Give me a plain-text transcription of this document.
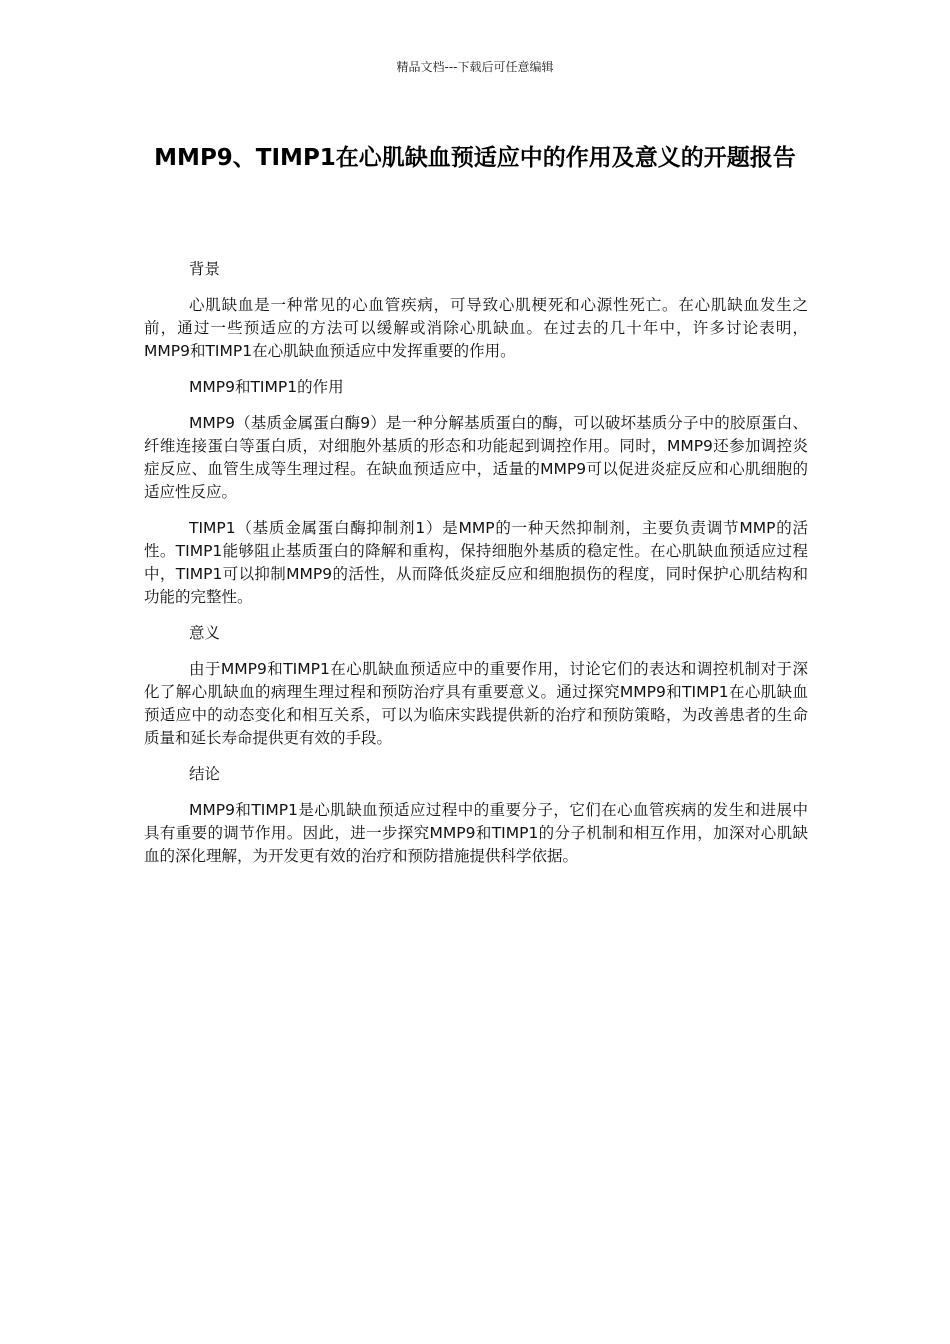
精品文档---下载后可任意编辑
MMP9、TIMP1在心肌缺血预适应中的作用及意义的开题报告

背景

心肌缺血是一种常见的心血管疾病，可导致心肌梗死和心源性死亡。在心肌缺血发生之前，通过一些预适应的方法可以缓解或消除心肌缺血。在过去的几十年中，许多讨论表明，MMP9和TIMP1在心肌缺血预适应中发挥重要的作用。

MMP9和TIMP1的作用

MMP9（基质金属蛋白酶9）是一种分解基质蛋白的酶，可以破坏基质分子中的胶原蛋白、纤维连接蛋白等蛋白质，对细胞外基质的形态和功能起到调控作用。同时，MMP9还参加调控炎症反应、血管生成等生理过程。在缺血预适应中，适量的MMP9可以促进炎症反应和心肌细胞的适应性反应。

TIMP1（基质金属蛋白酶抑制剂1）是MMP的一种天然抑制剂，主要负责调节MMP的活性。TIMP1能够阻止基质蛋白的降解和重构，保持细胞外基质的稳定性。在心肌缺血预适应过程中，TIMP1可以抑制MMP9的活性，从而降低炎症反应和细胞损伤的程度，同时保护心肌结构和功能的完整性。

意义

由于MMP9和TIMP1在心肌缺血预适应中的重要作用，讨论它们的表达和调控机制对于深化了解心肌缺血的病理生理过程和预防治疗具有重要意义。通过探究MMP9和TIMP1在心肌缺血预适应中的动态变化和相互关系，可以为临床实践提供新的治疗和预防策略，为改善患者的生命质量和延长寿命提供更有效的手段。

结论

MMP9和TIMP1是心肌缺血预适应过程中的重要分子，它们在心血管疾病的发生和进展中具有重要的调节作用。因此，进一步探究MMP9和TIMP1的分子机制和相互作用，加深对心肌缺血的深化理解，为开发更有效的治疗和预防措施提供科学依据。
